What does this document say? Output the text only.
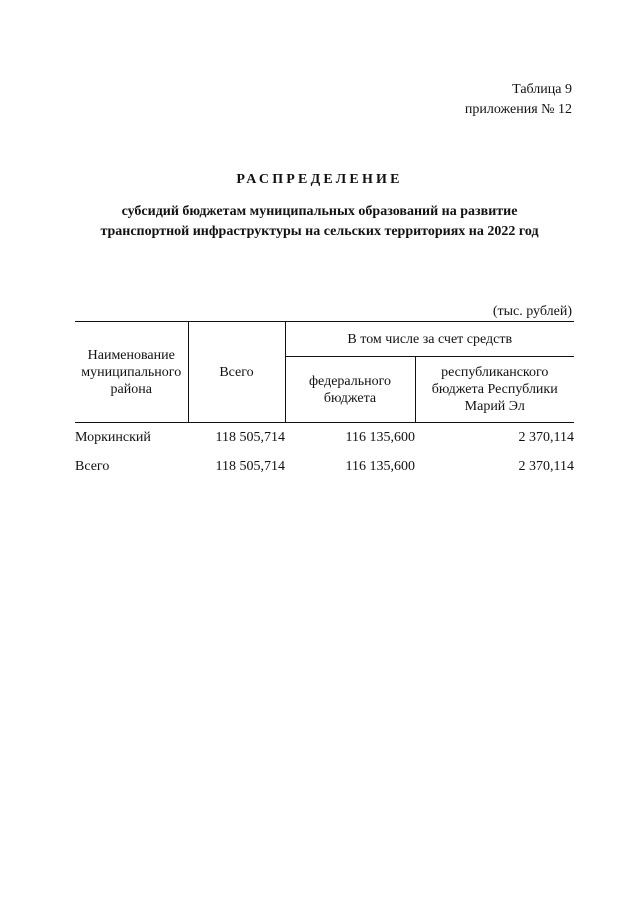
Таблица 9
приложения № 12
РАСПРЕДЕЛЕНИЕ
субсидий бюджетам муниципальных образований на развитие
транспортной инфраструктуры на сельских территориях на 2022 год
(тыс. рублей)
Наименование муниципального района	Всего	В том числе за счет средств	
		федерального бюджета	республиканского бюджета Республики Марий Эл
Моркинский	118 505,714	116 135,600	2 370,114
Всего	118 505,714	116 135,600	2 370,114
